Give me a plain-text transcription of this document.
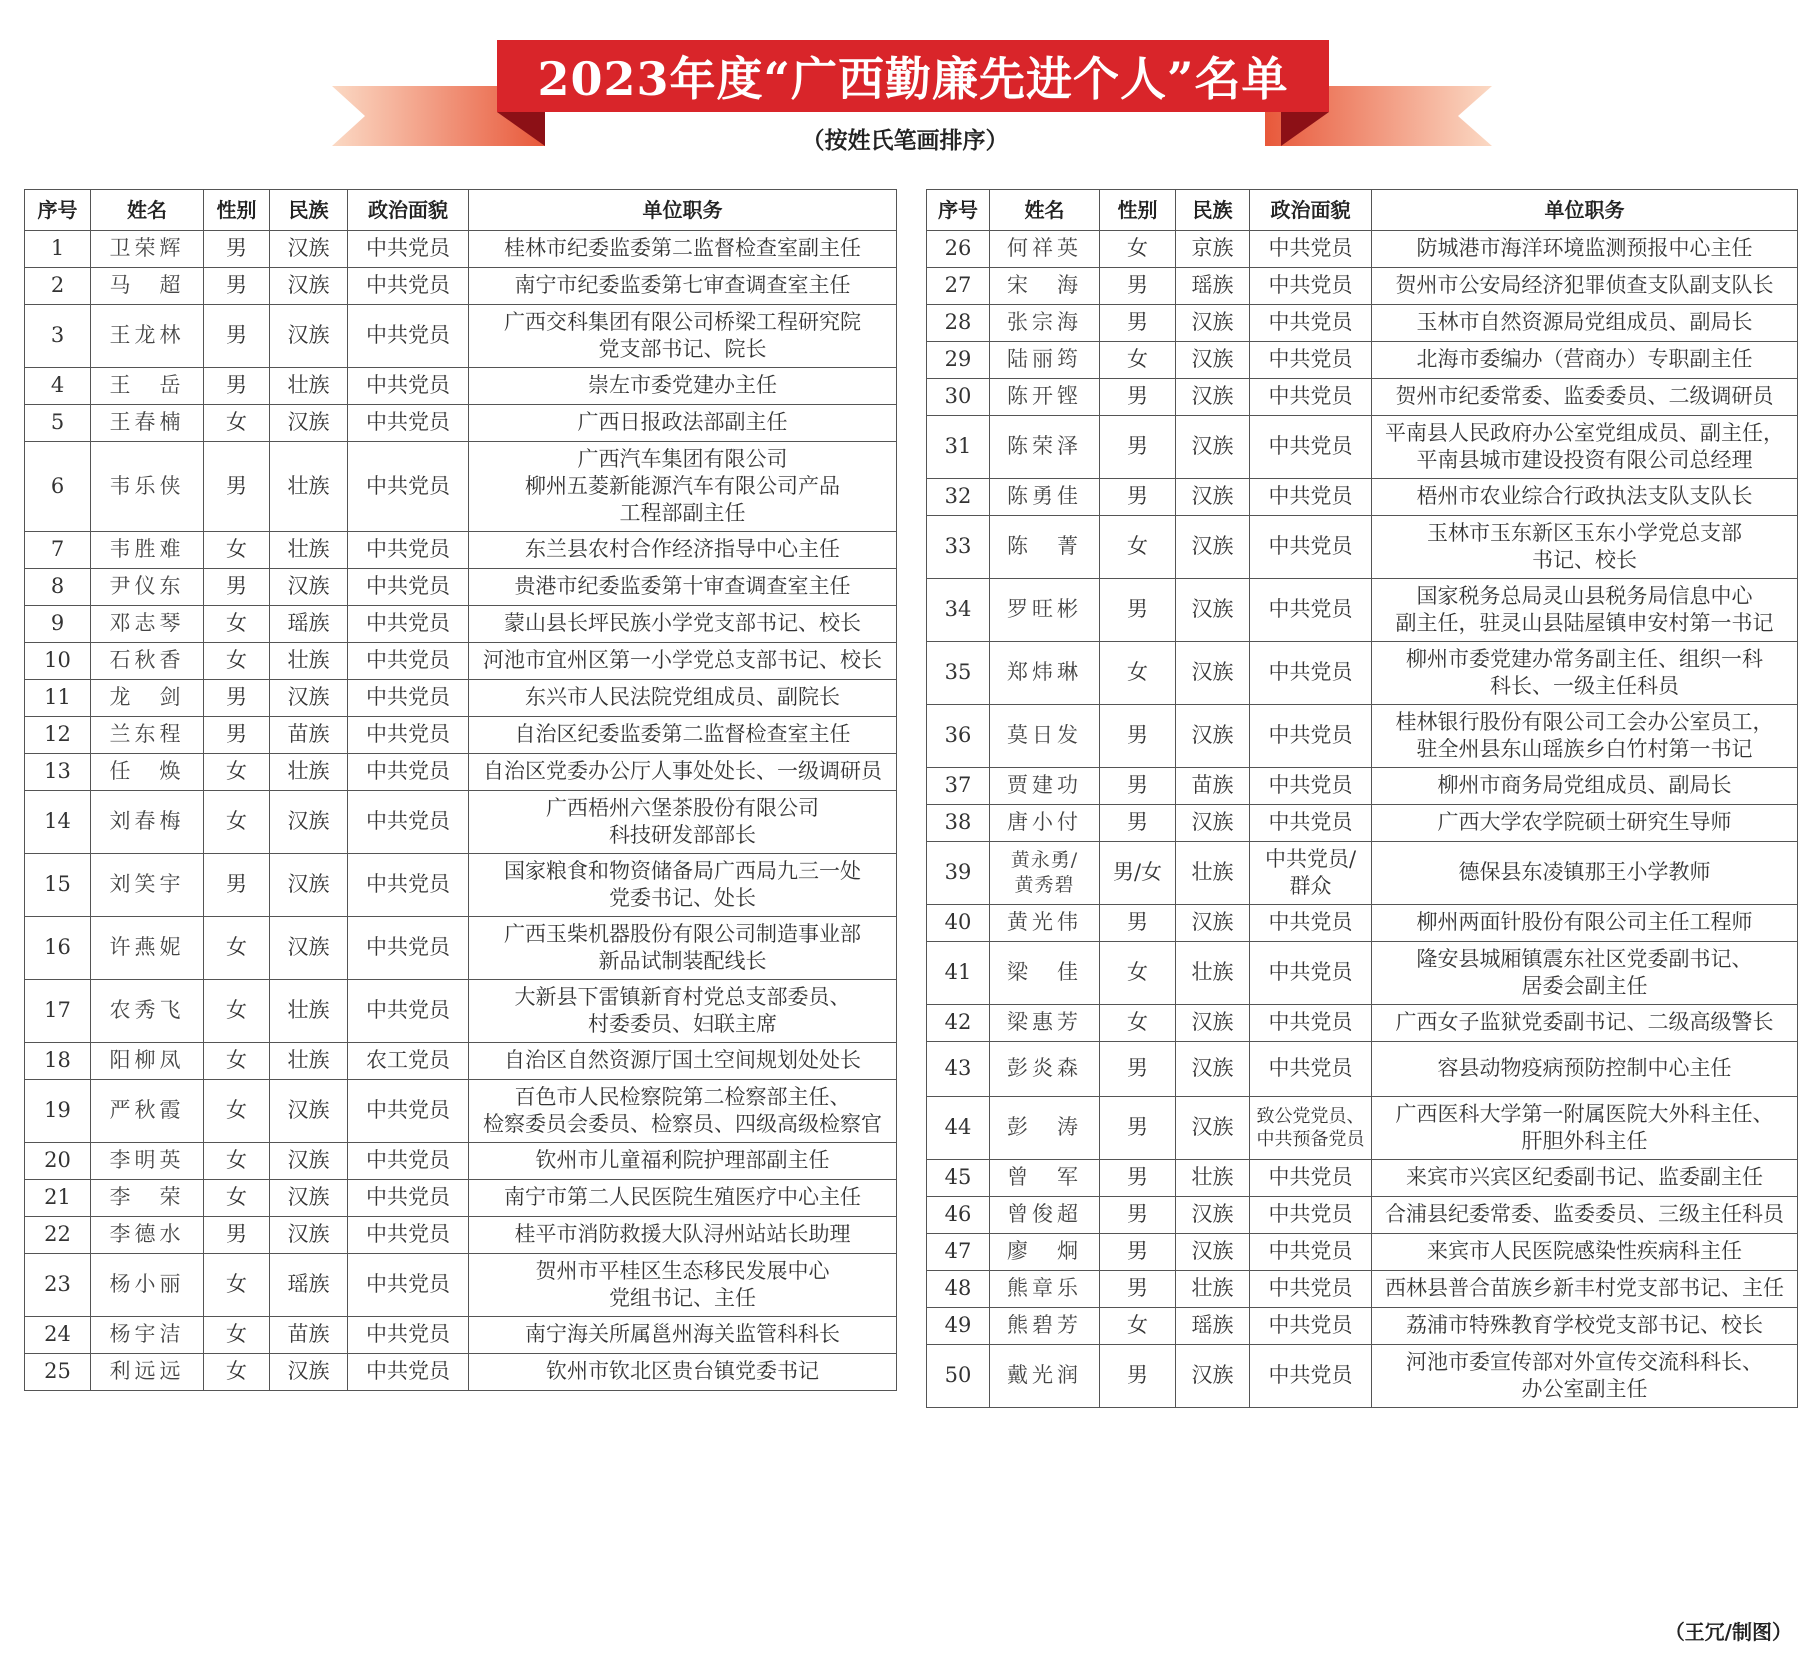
2023年度“广西勤廉先进个人”名单
（按姓氏笔画排序）
序号	姓名	性别	民族	政治面貌	单位职务
1	卫荣辉	男	汉族	中共党员	桂林市纪委监委第二监督检查室副主任
2	马　超	男	汉族	中共党员	南宁市纪委监委第七审查调查室主任
3	王龙林	男	汉族	中共党员	广西交科集团有限公司桥梁工程研究院
党支部书记、院长
4	王　岳	男	壮族	中共党员	崇左市委党建办主任
5	王春楠	女	汉族	中共党员	广西日报政法部副主任
6	韦乐侠	男	壮族	中共党员	广西汽车集团有限公司
柳州五菱新能源汽车有限公司产品
工程部副主任
7	韦胜难	女	壮族	中共党员	东兰县农村合作经济指导中心主任
8	尹仪东	男	汉族	中共党员	贵港市纪委监委第十审查调查室主任
9	邓志琴	女	瑶族	中共党员	蒙山县长坪民族小学党支部书记、校长
10	石秋香	女	壮族	中共党员	河池市宜州区第一小学党总支部书记、校长
11	龙　剑	男	汉族	中共党员	东兴市人民法院党组成员、副院长
12	兰东程	男	苗族	中共党员	自治区纪委监委第二监督检查室主任
13	任　焕	女	壮族	中共党员	自治区党委办公厅人事处处长、一级调研员
14	刘春梅	女	汉族	中共党员	广西梧州六堡茶股份有限公司
科技研发部部长
15	刘笑宇	男	汉族	中共党员	国家粮食和物资储备局广西局九三一处
党委书记、处长
16	许燕妮	女	汉族	中共党员	广西玉柴机器股份有限公司制造事业部
新品试制装配线长
17	农秀飞	女	壮族	中共党员	大新县下雷镇新育村党总支部委员、
村委委员、妇联主席
18	阳柳凤	女	壮族	农工党员	自治区自然资源厅国土空间规划处处长
19	严秋霞	女	汉族	中共党员	百色市人民检察院第二检察部主任、
检察委员会委员、检察员、四级高级检察官
20	李明英	女	汉族	中共党员	钦州市儿童福利院护理部副主任
21	李　荣	女	汉族	中共党员	南宁市第二人民医院生殖医疗中心主任
22	李德水	男	汉族	中共党员	桂平市消防救援大队浔州站站长助理
23	杨小丽	女	瑶族	中共党员	贺州市平桂区生态移民发展中心
党组书记、主任
24	杨宇洁	女	苗族	中共党员	南宁海关所属邕州海关监管科科长
25	利远远	女	汉族	中共党员	钦州市钦北区贵台镇党委书记
序号	姓名	性别	民族	政治面貌	单位职务
26	何祥英	女	京族	中共党员	防城港市海洋环境监测预报中心主任
27	宋　海	男	瑶族	中共党员	贺州市公安局经济犯罪侦查支队副支队长
28	张宗海	男	汉族	中共党员	玉林市自然资源局党组成员、副局长
29	陆丽筠	女	汉族	中共党员	北海市委编办（营商办）专职副主任
30	陈开铿	男	汉族	中共党员	贺州市纪委常委、监委委员、二级调研员
31	陈荣泽	男	汉族	中共党员	平南县人民政府办公室党组成员、副主任，
平南县城市建设投资有限公司总经理
32	陈勇佳	男	汉族	中共党员	梧州市农业综合行政执法支队支队长
33	陈　菁	女	汉族	中共党员	玉林市玉东新区玉东小学党总支部
书记、校长
34	罗旺彬	男	汉族	中共党员	国家税务总局灵山县税务局信息中心
副主任，驻灵山县陆屋镇申安村第一书记
35	郑炜琳	女	汉族	中共党员	柳州市委党建办常务副主任、组织一科
科长、一级主任科员
36	莫日发	男	汉族	中共党员	桂林银行股份有限公司工会办公室员工，
驻全州县东山瑶族乡白竹村第一书记
37	贾建功	男	苗族	中共党员	柳州市商务局党组成员、副局长
38	唐小付	男	汉族	中共党员	广西大学农学院硕士研究生导师
39	黄永勇/
黄秀碧	男/女	壮族	中共党员/
群众	德保县东凌镇那王小学教师
40	黄光伟	男	汉族	中共党员	柳州两面针股份有限公司主任工程师
41	梁　佳	女	壮族	中共党员	隆安县城厢镇震东社区党委副书记、
居委会副主任
42	梁惠芳	女	汉族	中共党员	广西女子监狱党委副书记、二级高级警长
43	彭炎森	男	汉族	中共党员	容县动物疫病预防控制中心主任
44	彭　涛	男	汉族	致公党党员、
中共预备党员	广西医科大学第一附属医院大外科主任、
肝胆外科主任
45	曾　军	男	壮族	中共党员	来宾市兴宾区纪委副书记、监委副主任
46	曾俊超	男	汉族	中共党员	合浦县纪委常委、监委委员、三级主任科员
47	廖　炯	男	汉族	中共党员	来宾市人民医院感染性疾病科主任
48	熊章乐	男	壮族	中共党员	西林县普合苗族乡新丰村党支部书记、主任
49	熊碧芳	女	瑶族	中共党员	荔浦市特殊教育学校党支部书记、校长
50	戴光润	男	汉族	中共党员	河池市委宣传部对外宣传交流科科长、
办公室副主任
（王冗/制图）
